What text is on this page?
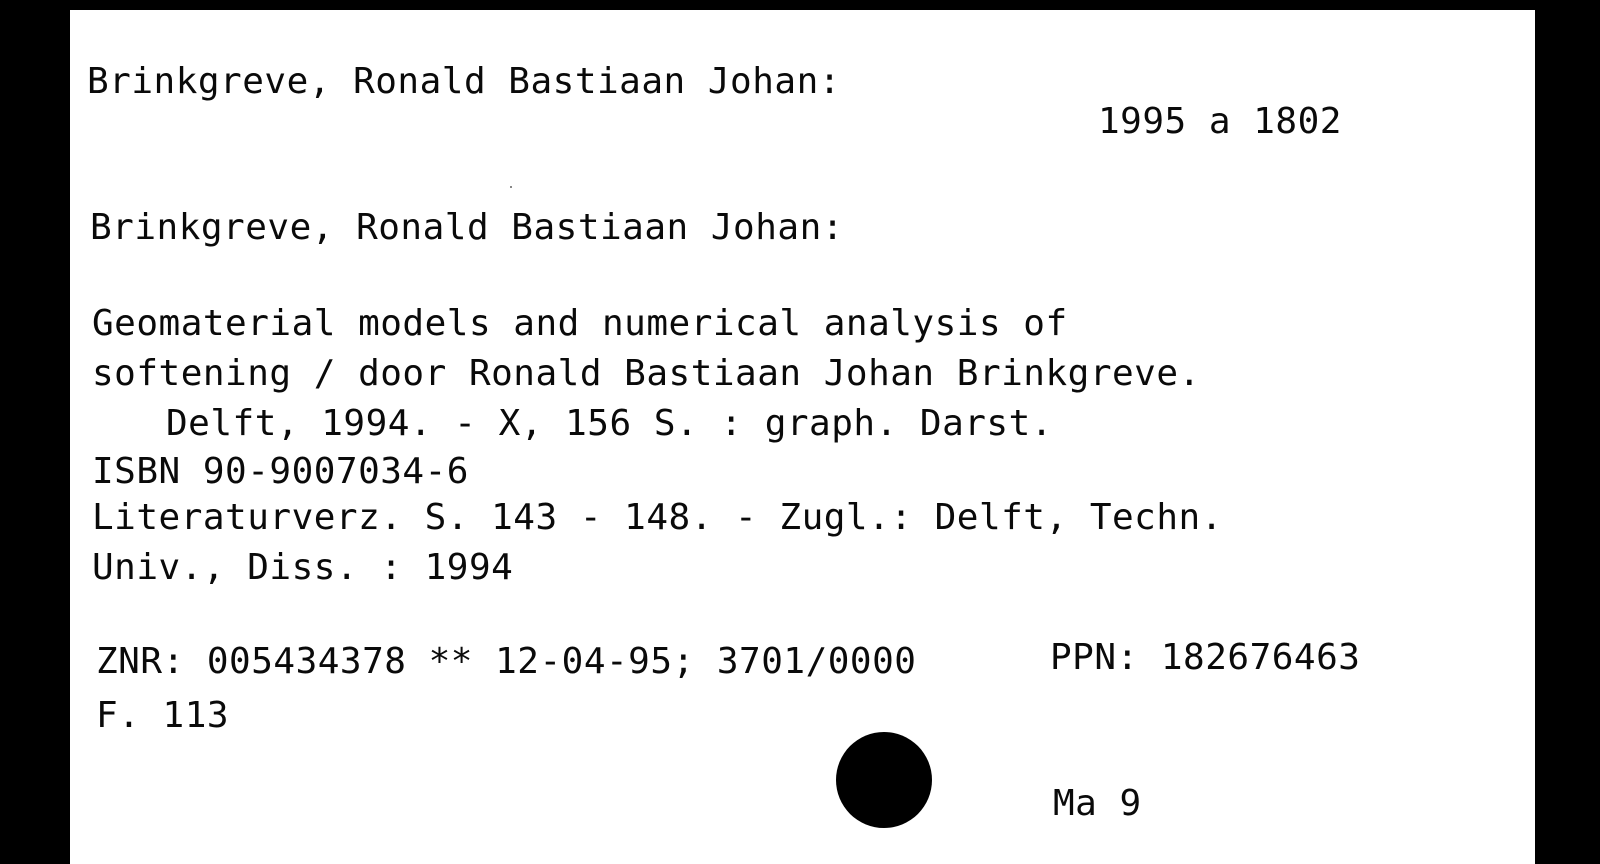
Brinkgreve, Ronald Bastiaan Johan:

1995 a 1802

Brinkgreve, Ronald Bastiaan Johan:

Geomaterial models and numerical analysis of

softening / door Ronald Bastiaan Johan Brinkgreve.

Delft, 1994. - X, 156 S. : graph. Darst.

ISBN 90-9007034-6

Literaturverz. S. 143 - 148. - Zugl.: Delft, Techn.

Univ., Diss. : 1994

ZNR: 005434378 ** 12-04-95; 3701/0000	PPN: 182676463

F. 113

Ma 9
